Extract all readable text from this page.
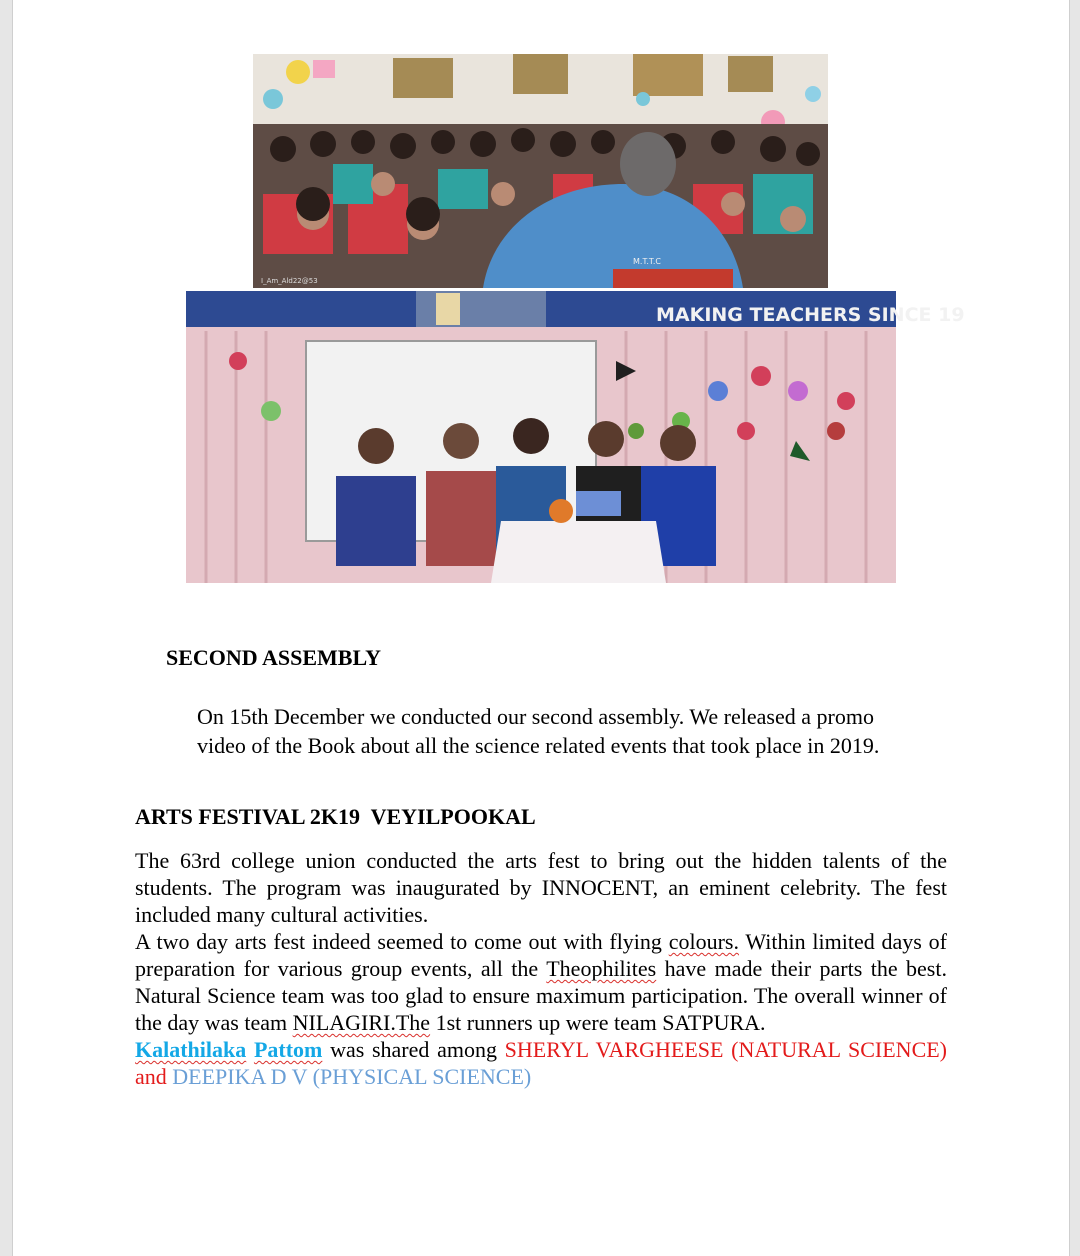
M.T.T.C
I_Am_Ald22@53
MAKING TEACHERS SINCE 19
SECOND ASSEMBLY
On 15th December we conducted our second assembly. We released a promo
video of the Book about all the science related events that took place in 2019.
ARTS FESTIVAL 2K19  VEYILPOOKAL
The 63rd college union conducted the arts fest to bring out the hidden talents of the students. The program was inaugurated by INNOCENT, an eminent celebrity. The fest included many cultural activities.
A two day arts fest indeed seemed to come out with flying colours. Within limited days of preparation for various group events, all the Theophilites have made their parts the best. Natural Science team was too glad to ensure maximum participation. The overall winner of the day was team NILAGIRI.The 1st runners up were team SATPURA.
Kalathilaka Pattom was shared among SHERYL VARGHEESE (NATURAL SCIENCE) and DEEPIKA D V (PHYSICAL SCIENCE)
